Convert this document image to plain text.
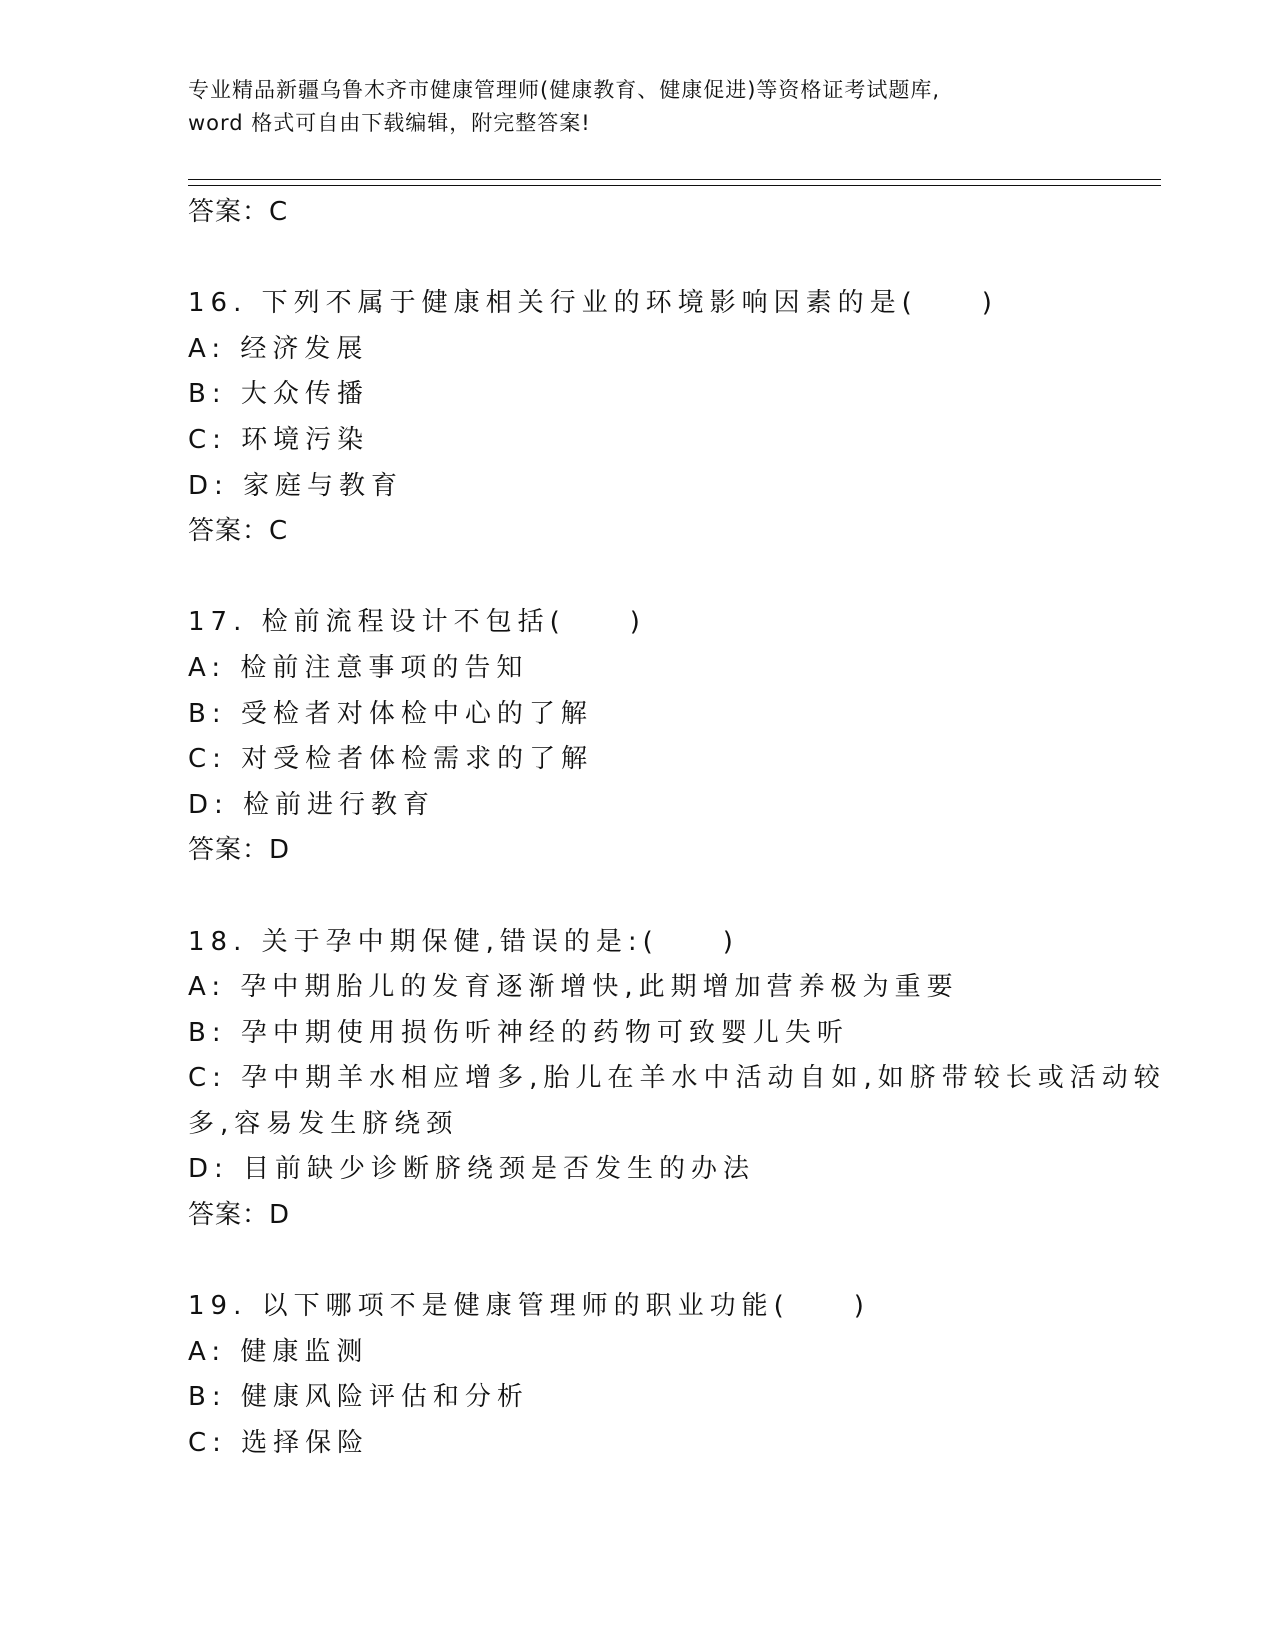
专业精品新疆乌鲁木齐市健康管理师(健康教育、健康促进)等资格证考试题库,
word 格式可自由下载编辑，附完整答案!
答案：C
16. 下列不属于健康相关行业的环境影响因素的是(　　)
A: 经济发展
B: 大众传播
C: 环境污染
D: 家庭与教育
答案：C
17. 检前流程设计不包括(　　)
A: 检前注意事项的告知
B: 受检者对体检中心的了解
C: 对受检者体检需求的了解
D: 检前进行教育
答案：D
18. 关于孕中期保健,错误的是:(　　)
A: 孕中期胎儿的发育逐渐增快,此期增加营养极为重要
B: 孕中期使用损伤听神经的药物可致婴儿失听
C: 孕中期羊水相应增多,胎儿在羊水中活动自如,如脐带较长或活动较
多,容易发生脐绕颈
D: 目前缺少诊断脐绕颈是否发生的办法
答案：D
19. 以下哪项不是健康管理师的职业功能(　　)
A: 健康监测
B: 健康风险评估和分析
C: 选择保险
